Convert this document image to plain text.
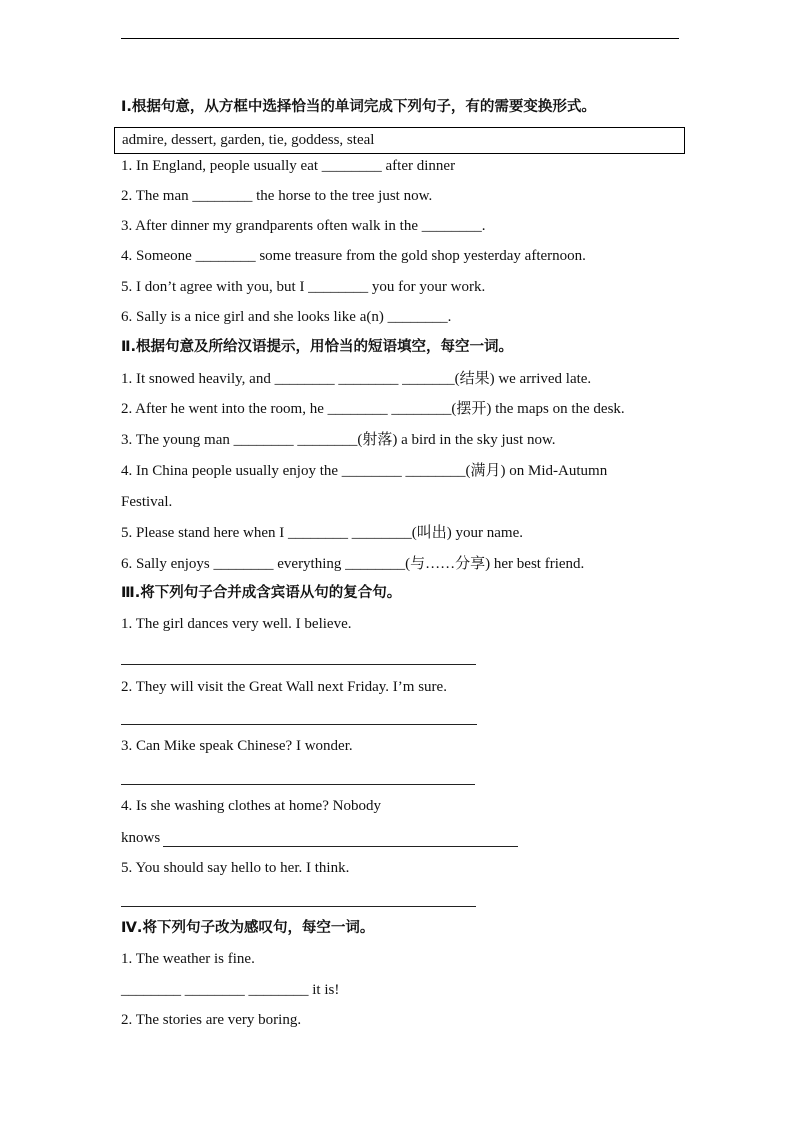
Ⅰ.根据句意，从方框中选择恰当的单词完成下列句子，有的需要变换形式。
admire, dessert, garden, tie, goddess, steal
1. In England, people usually eat ________ after dinner
2. The man ________ the horse to the tree just now.
3. After dinner my grandparents often walk in the ________.
4. Someone ________ some treasure from the gold shop yesterday afternoon.
5. I don’t agree with you, but I ________ you for your work.
6. Sally is a nice girl and she looks like a(n) ________.
Ⅱ.根据句意及所给汉语提示，用恰当的短语填空，每空一词。
1. It snowed heavily, and ________ ________ _______(结果) we arrived late.
2. After he went into the room, he ________ ________(摆开) the maps on the desk.
3. The young man ________ ________(射落) a bird in the sky just now.
4. In China people usually enjoy the ________ ________(满月) on Mid-Autumn
Festival.
5. Please stand here when I ________ ________(叫出) your name.
6. Sally enjoys ________ everything ________(与……分享) her best friend.
Ⅲ.将下列句子合并成含宾语从句的复合句。
1. The girl dances very well. I believe.
2. They will visit the Great Wall next Friday. I’m sure.
3. Can Mike speak Chinese? I wonder.
4. Is she washing clothes at home? Nobody
knows
5. You should say hello to her. I think.
Ⅳ.将下列句子改为感叹句，每空一词。
1. The weather is fine.
________ ________ ________ it is!
2. The stories are very boring.
